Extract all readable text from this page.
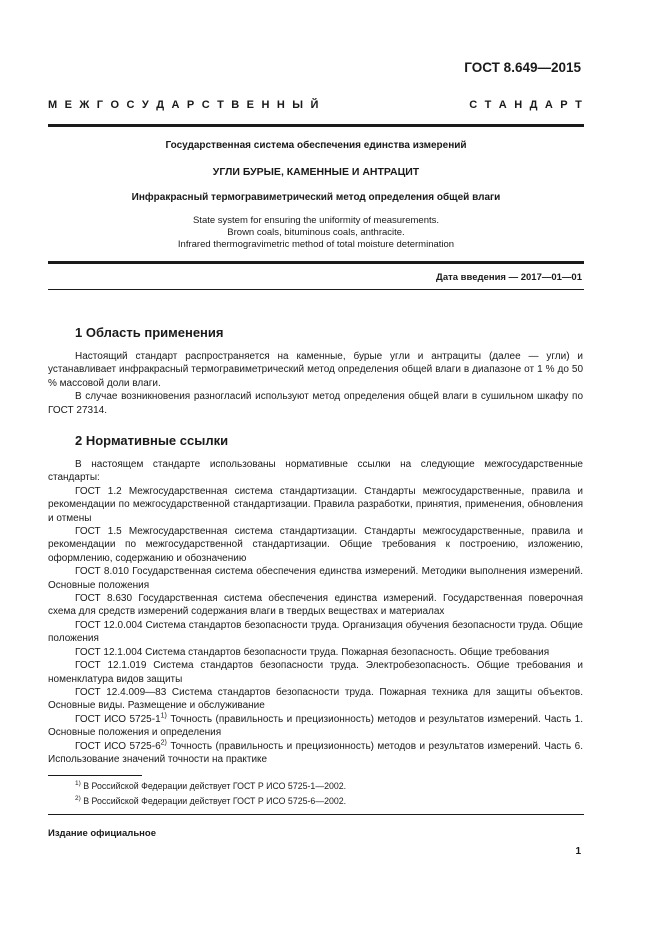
ГОСТ 8.649—2015
М Е Ж Г О С У Д А Р С Т В Е Н Н Ы Й	С Т А Н Д А Р Т
Государственная система обеспечения единства измерений
УГЛИ БУРЫЕ, КАМЕННЫЕ И АНТРАЦИТ
Инфракрасный термогравиметрический метод определения общей влаги
State system for ensuring the uniformity of measurements.
Brown coals, bituminous coals, anthracite.
Infrared thermogravimetric method of total moisture determination
Дата введения — 2017—01—01
1 Область применения

Настоящий стандарт распространяется на каменные, бурые угли и антрациты (далее — угли) и устанавливает инфракрасный термогравиметрический метод определения общей влаги в диапазоне от 1 % до 50 % массовой доли влаги.

В случае возникновения разногласий используют метод определения общей влаги в сушильном шкафу по ГОСТ 27314.

2 Нормативные ссылки

В настоящем стандарте использованы нормативные ссылки на следующие межгосударственные стандарты:

ГОСТ 1.2 Межгосударственная система стандартизации. Стандарты межгосударственные, правила и рекомендации по межгосударственной стандартизации. Правила разработки, принятия, применения, обновления и отмены

ГОСТ 1.5 Межгосударственная система стандартизации. Стандарты межгосударственные, правила и рекомендации по межгосударственной стандартизации. Общие требования к построению, изложению, оформлению, содержанию и обозначению

ГОСТ 8.010 Государственная система обеспечения единства измерений. Методики выполнения измерений. Основные положения

ГОСТ 8.630 Государственная система обеспечения единства измерений. Государственная поверочная схема для средств измерений содержания влаги в твердых веществах и материалах

ГОСТ 12.0.004 Система стандартов безопасности труда. Организация обучения безопасности труда. Общие положения

ГОСТ 12.1.004 Система стандартов безопасности труда. Пожарная безопасность. Общие требования

ГОСТ 12.1.019 Система стандартов безопасности труда. Электробезопасность. Общие требования и номенклатура видов защиты

ГОСТ 12.4.009—83 Система стандартов безопасности труда. Пожарная техника для защиты объектов. Основные виды. Размещение и обслуживание

ГОСТ ИСО 5725-1$^{1)}$ Точность (правильность и прецизионность) методов и результатов измерений. Часть 1. Основные положения и определения

ГОСТ ИСО 5725-6$^{2)}$ Точность (правильность и прецизионность) методов и результатов измерений. Часть 6. Использование значений точности на практике

$^{1)}$ В Российской Федерации действует ГОСТ Р ИСО 5725-1—2002.
$^{2)}$ В Российской Федерации действует ГОСТ Р ИСО 5725-6—2002.
Издание официальное
1
